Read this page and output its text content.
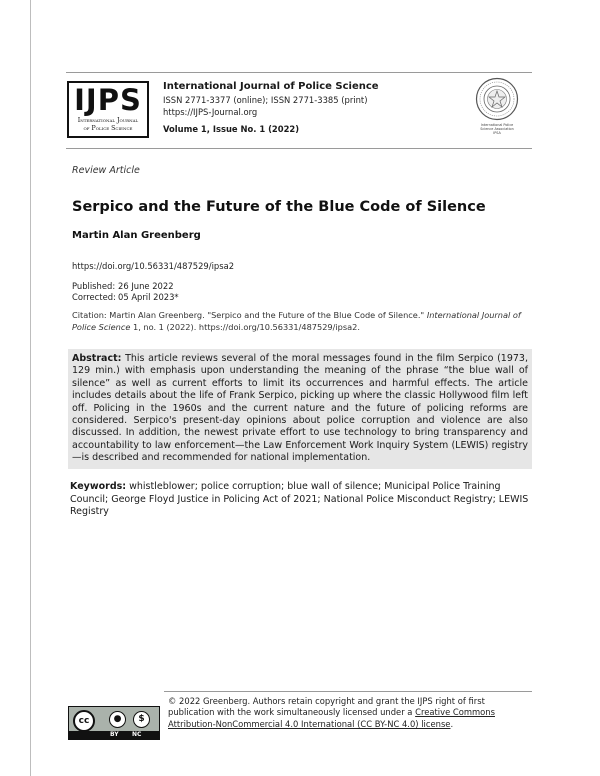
IJPS
International Journal
of Police Science
International Journal of Police Science
ISSN 2771-3377 (online); ISSN 2771-3385 (print)
https://IJPS-Journal.org
Volume 1, Issue No. 1 (2022)	International Police
Science Association
IPSA
Review Article
Serpico and the Future of the Blue Code of Silence
Martin Alan Greenberg
https://doi.org/10.56331/487529/ipsa2
Published: 26 June 2022
Corrected: 05 April 2023*
Citation: Martin Alan Greenberg. "Serpico and the Future of the Blue Code of Silence." International Journal of Police Science 1, no. 1 (2022). https://doi.org/10.56331/487529/ipsa2.
Abstract: This article reviews several of the moral messages found in the film Serpico (1973, 129 min.) with emphasis upon understanding the meaning of the phrase “the blue wall of silence” as well as current efforts to limit its occurrences and harmful effects. The article includes details about the life of Frank Serpico, picking up where the classic Hollywood film left off. Policing in the 1960s and the current nature and the future of policing reforms are considered. Serpico's present-day opinions about police corruption and violence are also discussed. In addition, the newest private effort to use technology to bring transparency and accountability to law enforcement—the Law Enforcement Work Inquiry System (LEWIS) registry—is described and recommended for national implementation.
Keywords: whistleblower; police corruption; blue wall of silence; Municipal Police Training Council; George Floyd Justice in Policing Act of 2021; National Police Misconduct Registry; LEWIS Registry
cc	●	$
BY NC
© 2022 Greenberg. Authors retain copyright and grant the IJPS right of first publication with the work simultaneously licensed under a Creative Commons Attribution-NonCommercial 4.0 International (CC BY-NC 4.0) license.
